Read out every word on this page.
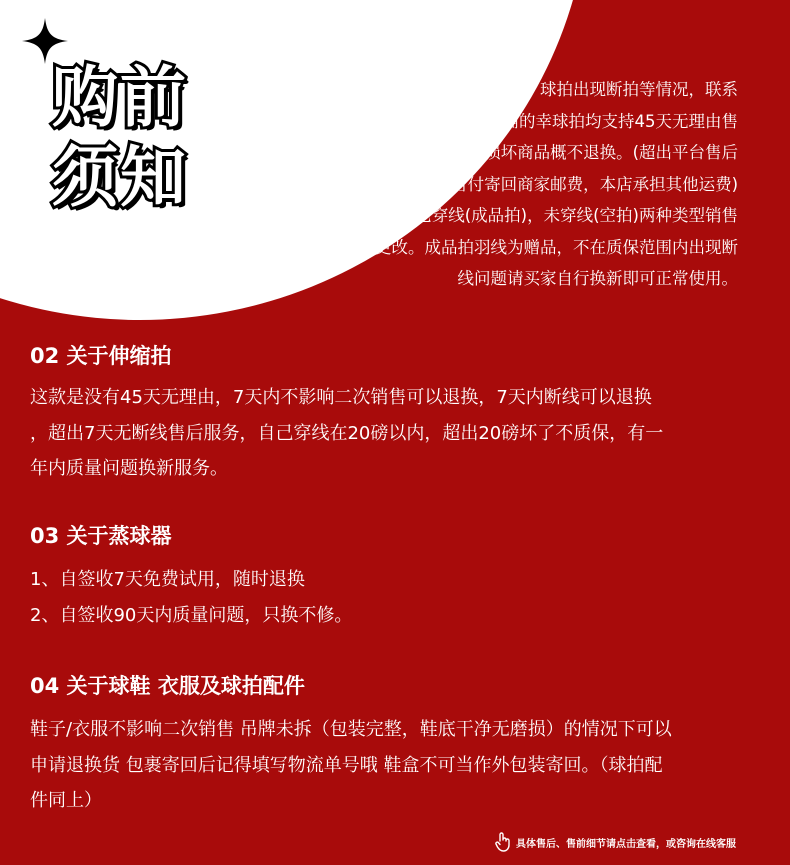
购前
须知
01 关于球拍
球拍质保12个月，球拍出现断拍等情况，联系
在线客服处理店铺的幸球拍均支持45天无理由售
后，人为恶意损坏商品概不退换。(超出平台售后
时效买家需自付寄回商家邮费，本店承担其他运费)
球拍分为已穿线(成品拍)，未穿线(空拍)两种类型销售
不支持更改。成品拍羽线为赠品，不在质保范围内出现断
线问题请买家自行换新即可正常使用。
02 关于伸缩拍
这款是没有45天无理由，7天内不影响二次销售可以退换，7天内断线可以退换
，超出7天无断线售后服务，自己穿线在20磅以内，超出20磅坏了不质保，有一
年内质量问题换新服务。
03 关于蒸球器
1、自签收7天免费试用，随时退换
2、自签收90天内质量问题，只换不修。
04 关于球鞋 衣服及球拍配件
鞋子/衣服不影响二次销售 吊牌未拆（包装完整，鞋底干净无磨损）的情况下可以
申请退换货 包裹寄回后记得填写物流单号哦 鞋盒不可当作外包装寄回。（球拍配
件同上）
具体售后、售前细节请点击查看，或咨询在线客服
